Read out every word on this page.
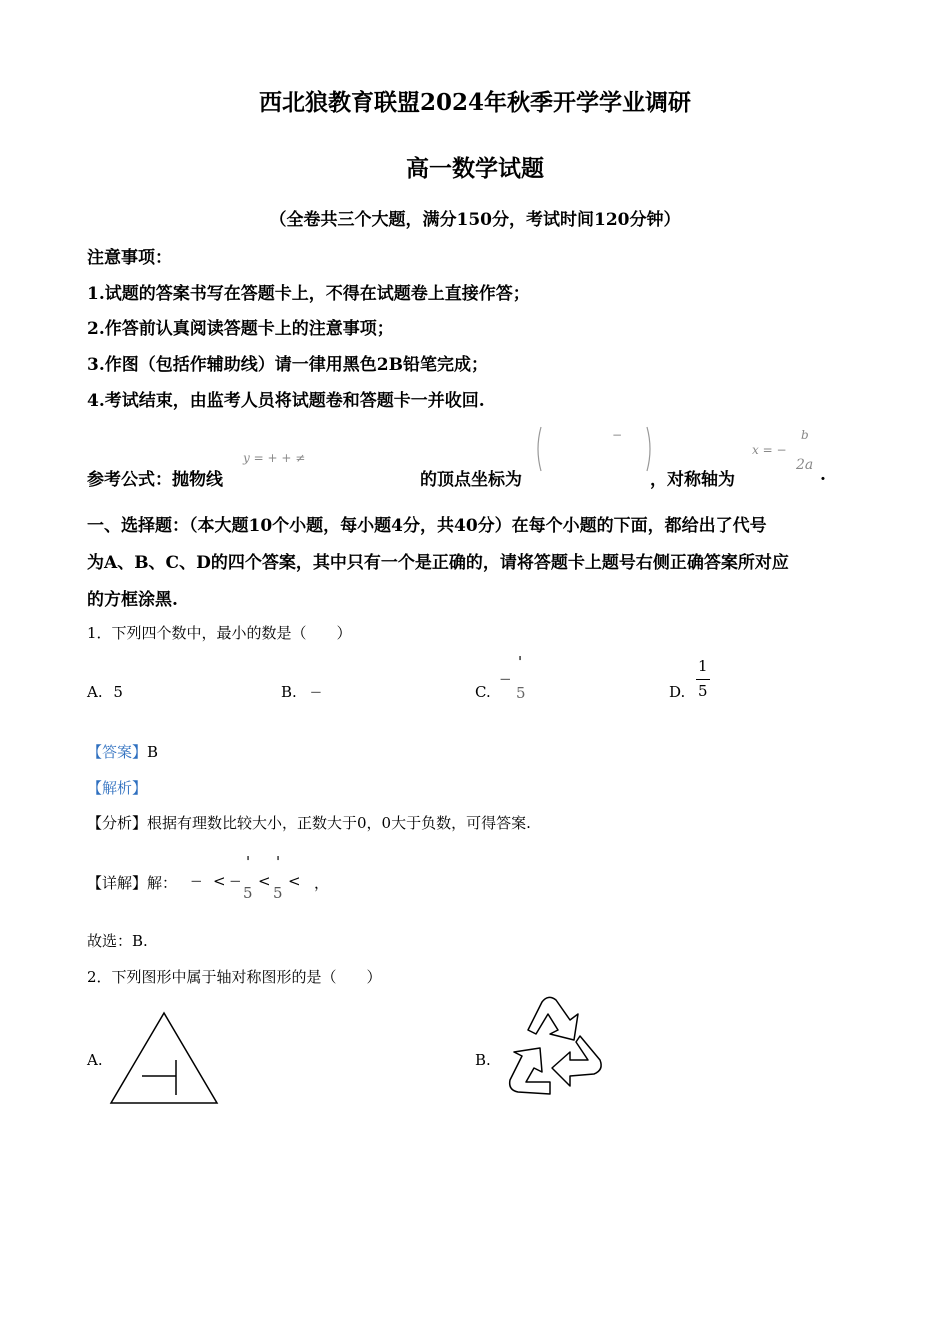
西北狼教育联盟2024年秋季开学学业调研
高一数学试题
（全卷共三个大题，满分150分，考试时间120分钟）
注意事项：
1.试题的答案书写在答题卡上，不得在试题卷上直接作答；
2.作答前认真阅读答题卡上的注意事项；
3.作图（包括作辅助线）请一律用黑色2B铅笔完成；
4.考试结束，由监考人员将试题卷和答题卡一并收回.
参考公式：抛物线
y = + + ≠
的顶点坐标为
−
，对称轴为
x = −
b
2a .
一、选择题：（本大题10个小题，每小题4分，共40分）在每个小题的下面，都给出了代号
为A、B、C、D的四个答案，其中只有一个是正确的，请将答题卡上题号右侧正确答案所对应
的方框涂黑.
1．下列四个数中，最小的数是（　　）
A. 5	B. −	C.
−
'
5	D.
1
5
【答案】B
【解析】
【分析】根据有理数比较大小，正数大于0，0大于负数，可得答案.
【详解】解： − < −
'
5
<
'
5
< ，
故选：B.
2．下列图形中属于轴对称图形的是（　　）
A.	B.
